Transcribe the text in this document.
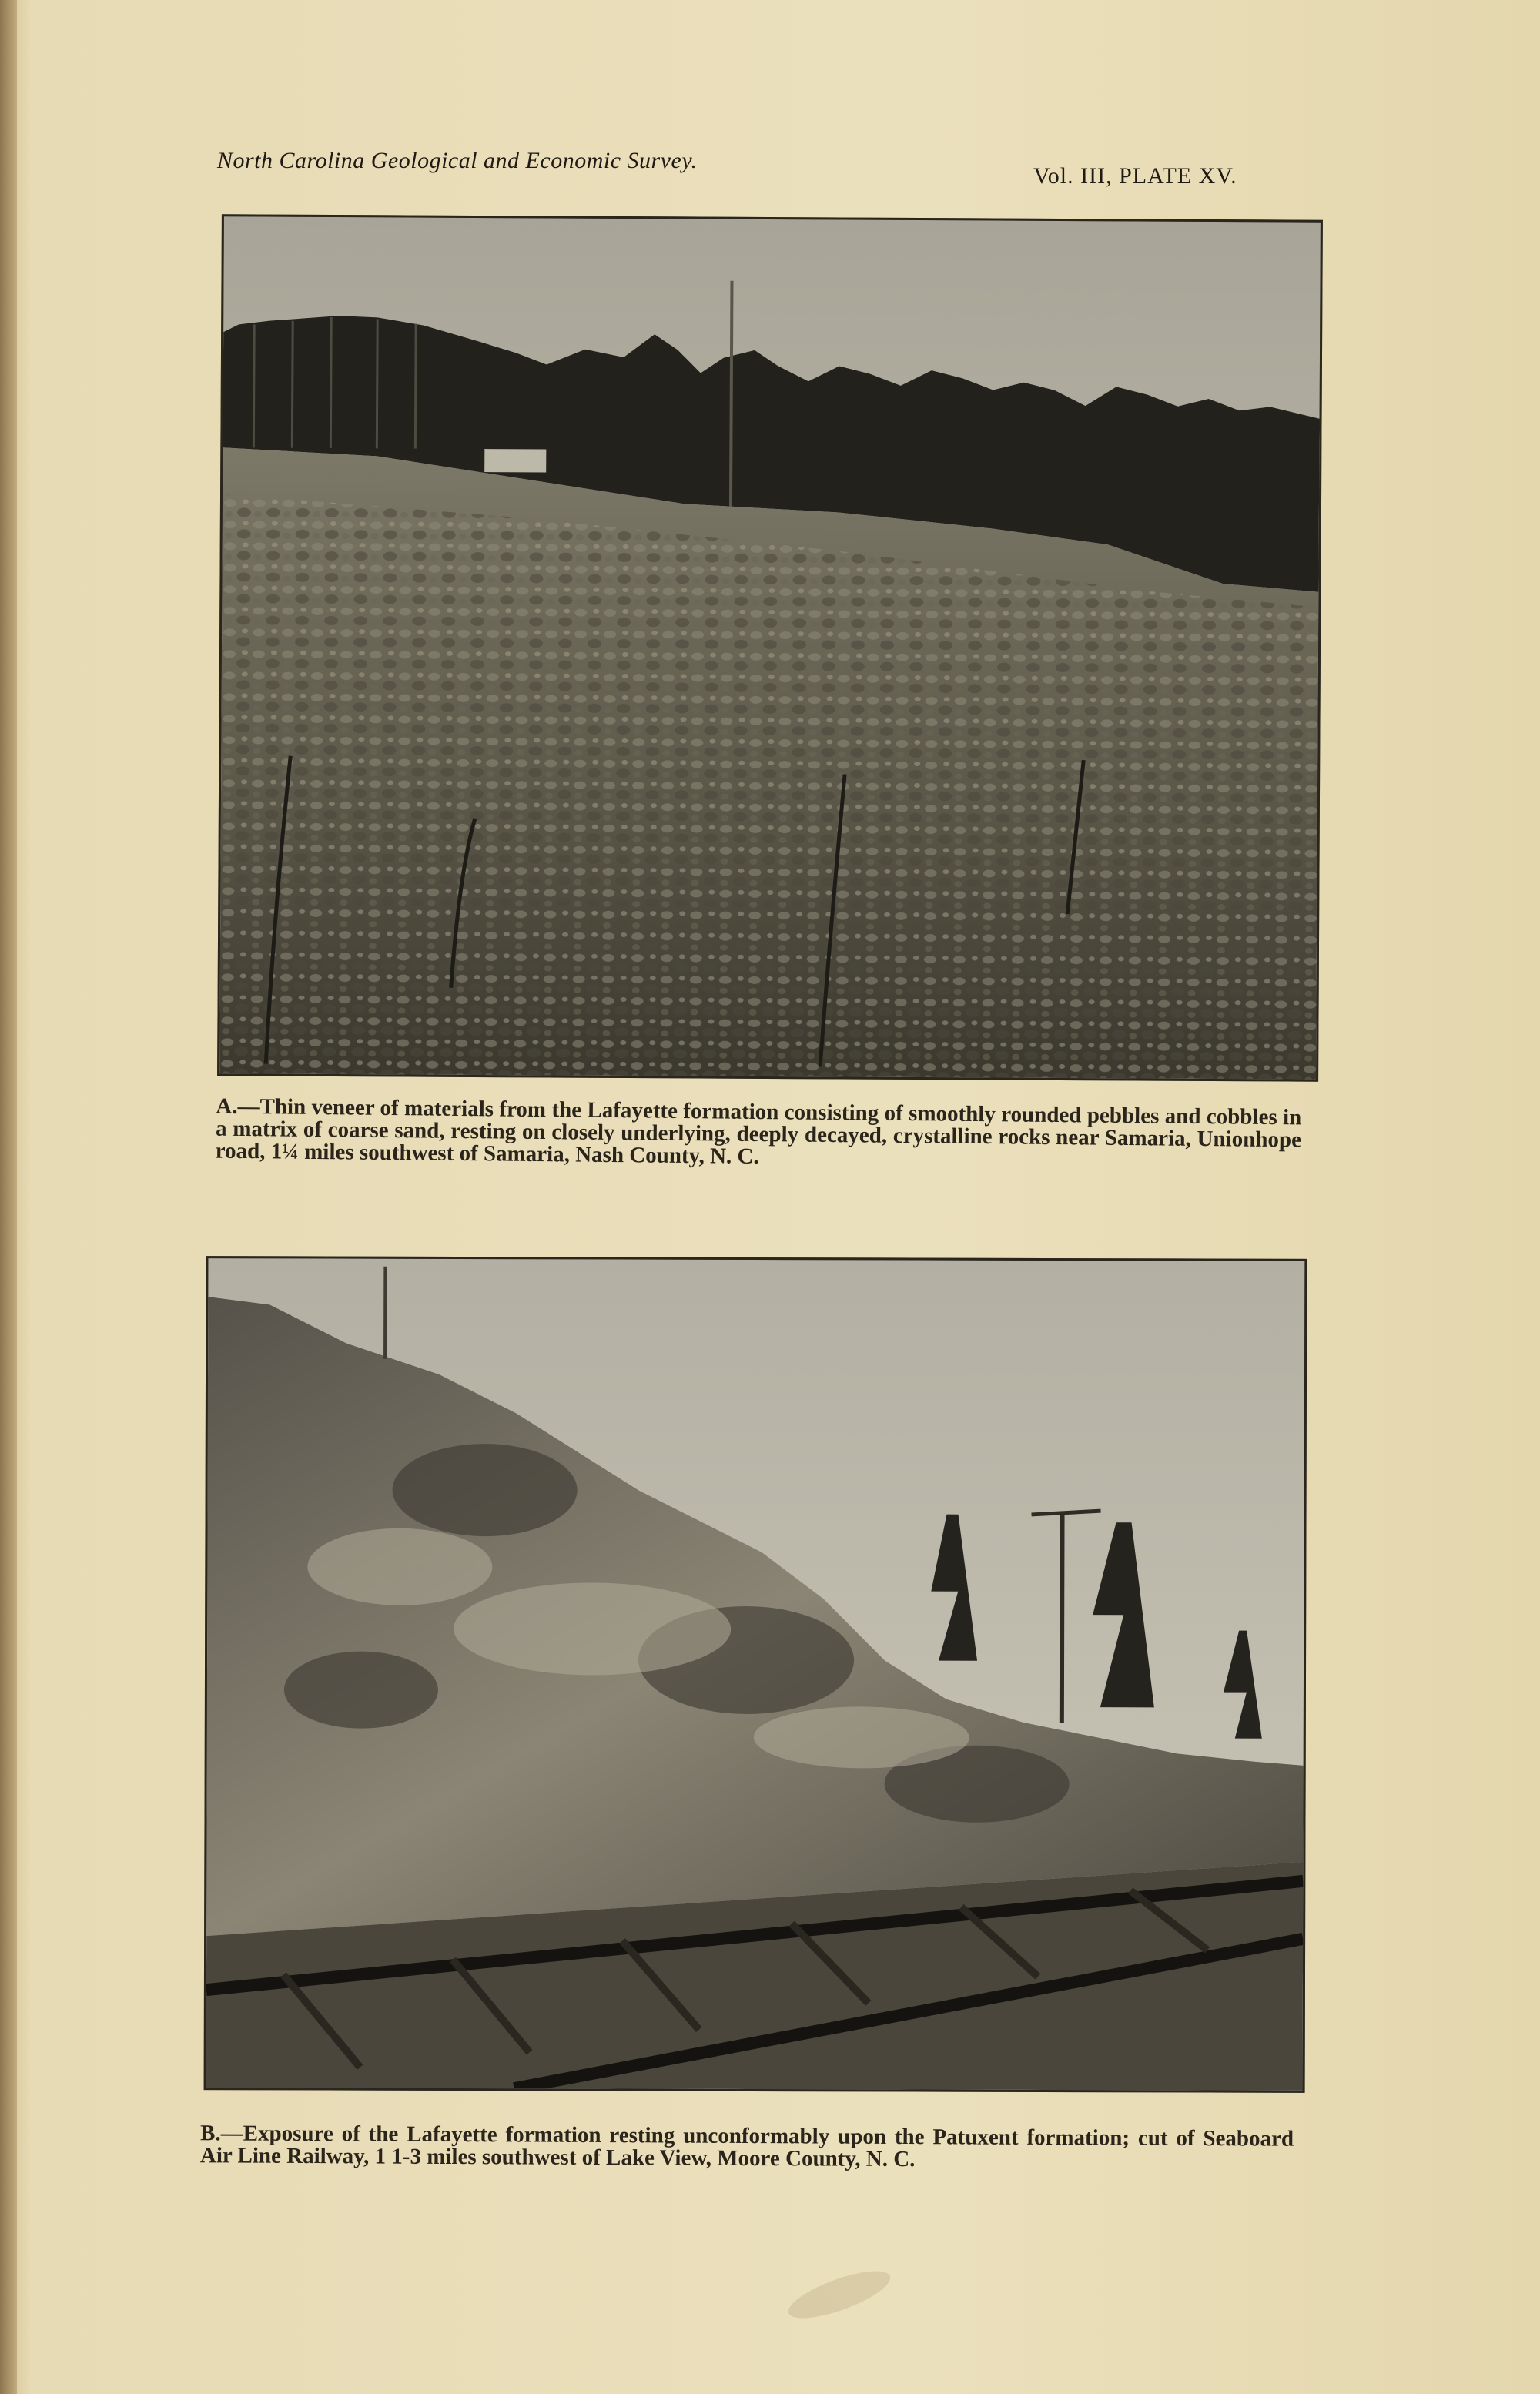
North Carolina Geological and Economic Survey.
Vol. III, PLATE XV.
A.—Thin veneer of materials from the Lafayette formation consisting of smoothly rounded pebbles and cobbles in a matrix of coarse sand, resting on closely underlying, deeply decayed, crystalline rocks near Samaria, Unionhope road, 1¼ miles southwest of Samaria, Nash County, N. C.
B.—Exposure of the Lafayette formation resting unconformably upon the Patuxent formation; cut of Seaboard Air Line Railway, 1 1-3 miles southwest of Lake View, Moore County, N. C.
